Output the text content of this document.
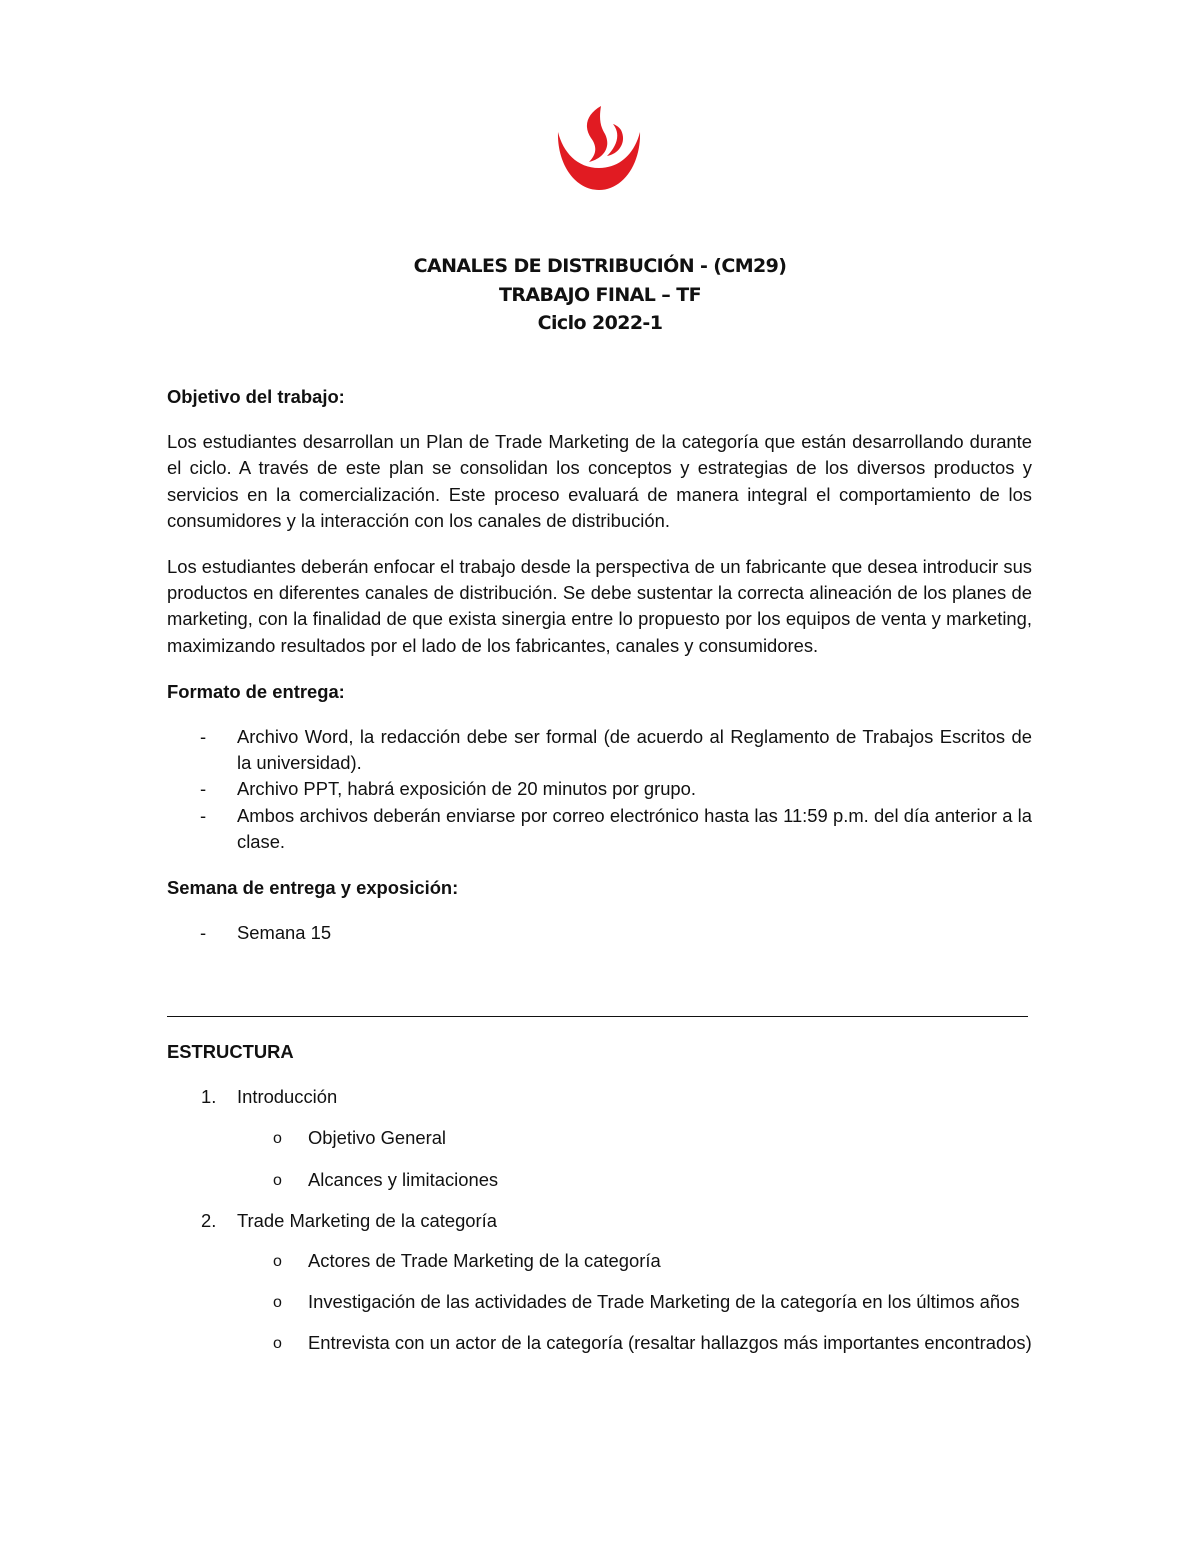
CANALES DE DISTRIBUCIÓN - (CM29)
TRABAJO FINAL – TF
Ciclo 2022-1
Objetivo del trabajo:

Los estudiantes desarrollan un Plan de Trade Marketing de la categoría que están desarrollando durante el ciclo. A través de este plan se consolidan los conceptos y estrategias de los diversos productos y servicios en la comercialización. Este proceso evaluará de manera integral el comportamiento de los consumidores y la interacción con los canales de distribución.

Los estudiantes deberán enfocar el trabajo desde la perspectiva de un fabricante que desea introducir sus productos en diferentes canales de distribución. Se debe sustentar la correcta alineación de los planes de marketing, con la finalidad de que exista sinergia entre lo propuesto por los equipos de venta y marketing, maximizando resultados por el lado de los fabricantes, canales y consumidores.

Formato de entrega:
- Archivo Word, la redacción debe ser formal (de acuerdo al Reglamento de Trabajos Escritos de la universidad).
- Archivo PPT, habrá exposición de 20 minutos por grupo.
- Ambos archivos deberán enviarse por correo electrónico hasta las 11:59 p.m. del día anterior a la clase.
Semana de entrega y exposición:
- Semana 15
ESTRUCTURA
1. Introducción
o Objetivo General
o Alcances y limitaciones
2. Trade Marketing de la categoría
o Actores de Trade Marketing de la categoría
o Investigación de las actividades de Trade Marketing de la categoría en los últimos años
o Entrevista con un actor de la categoría (resaltar hallazgos más importantes encontrados)
